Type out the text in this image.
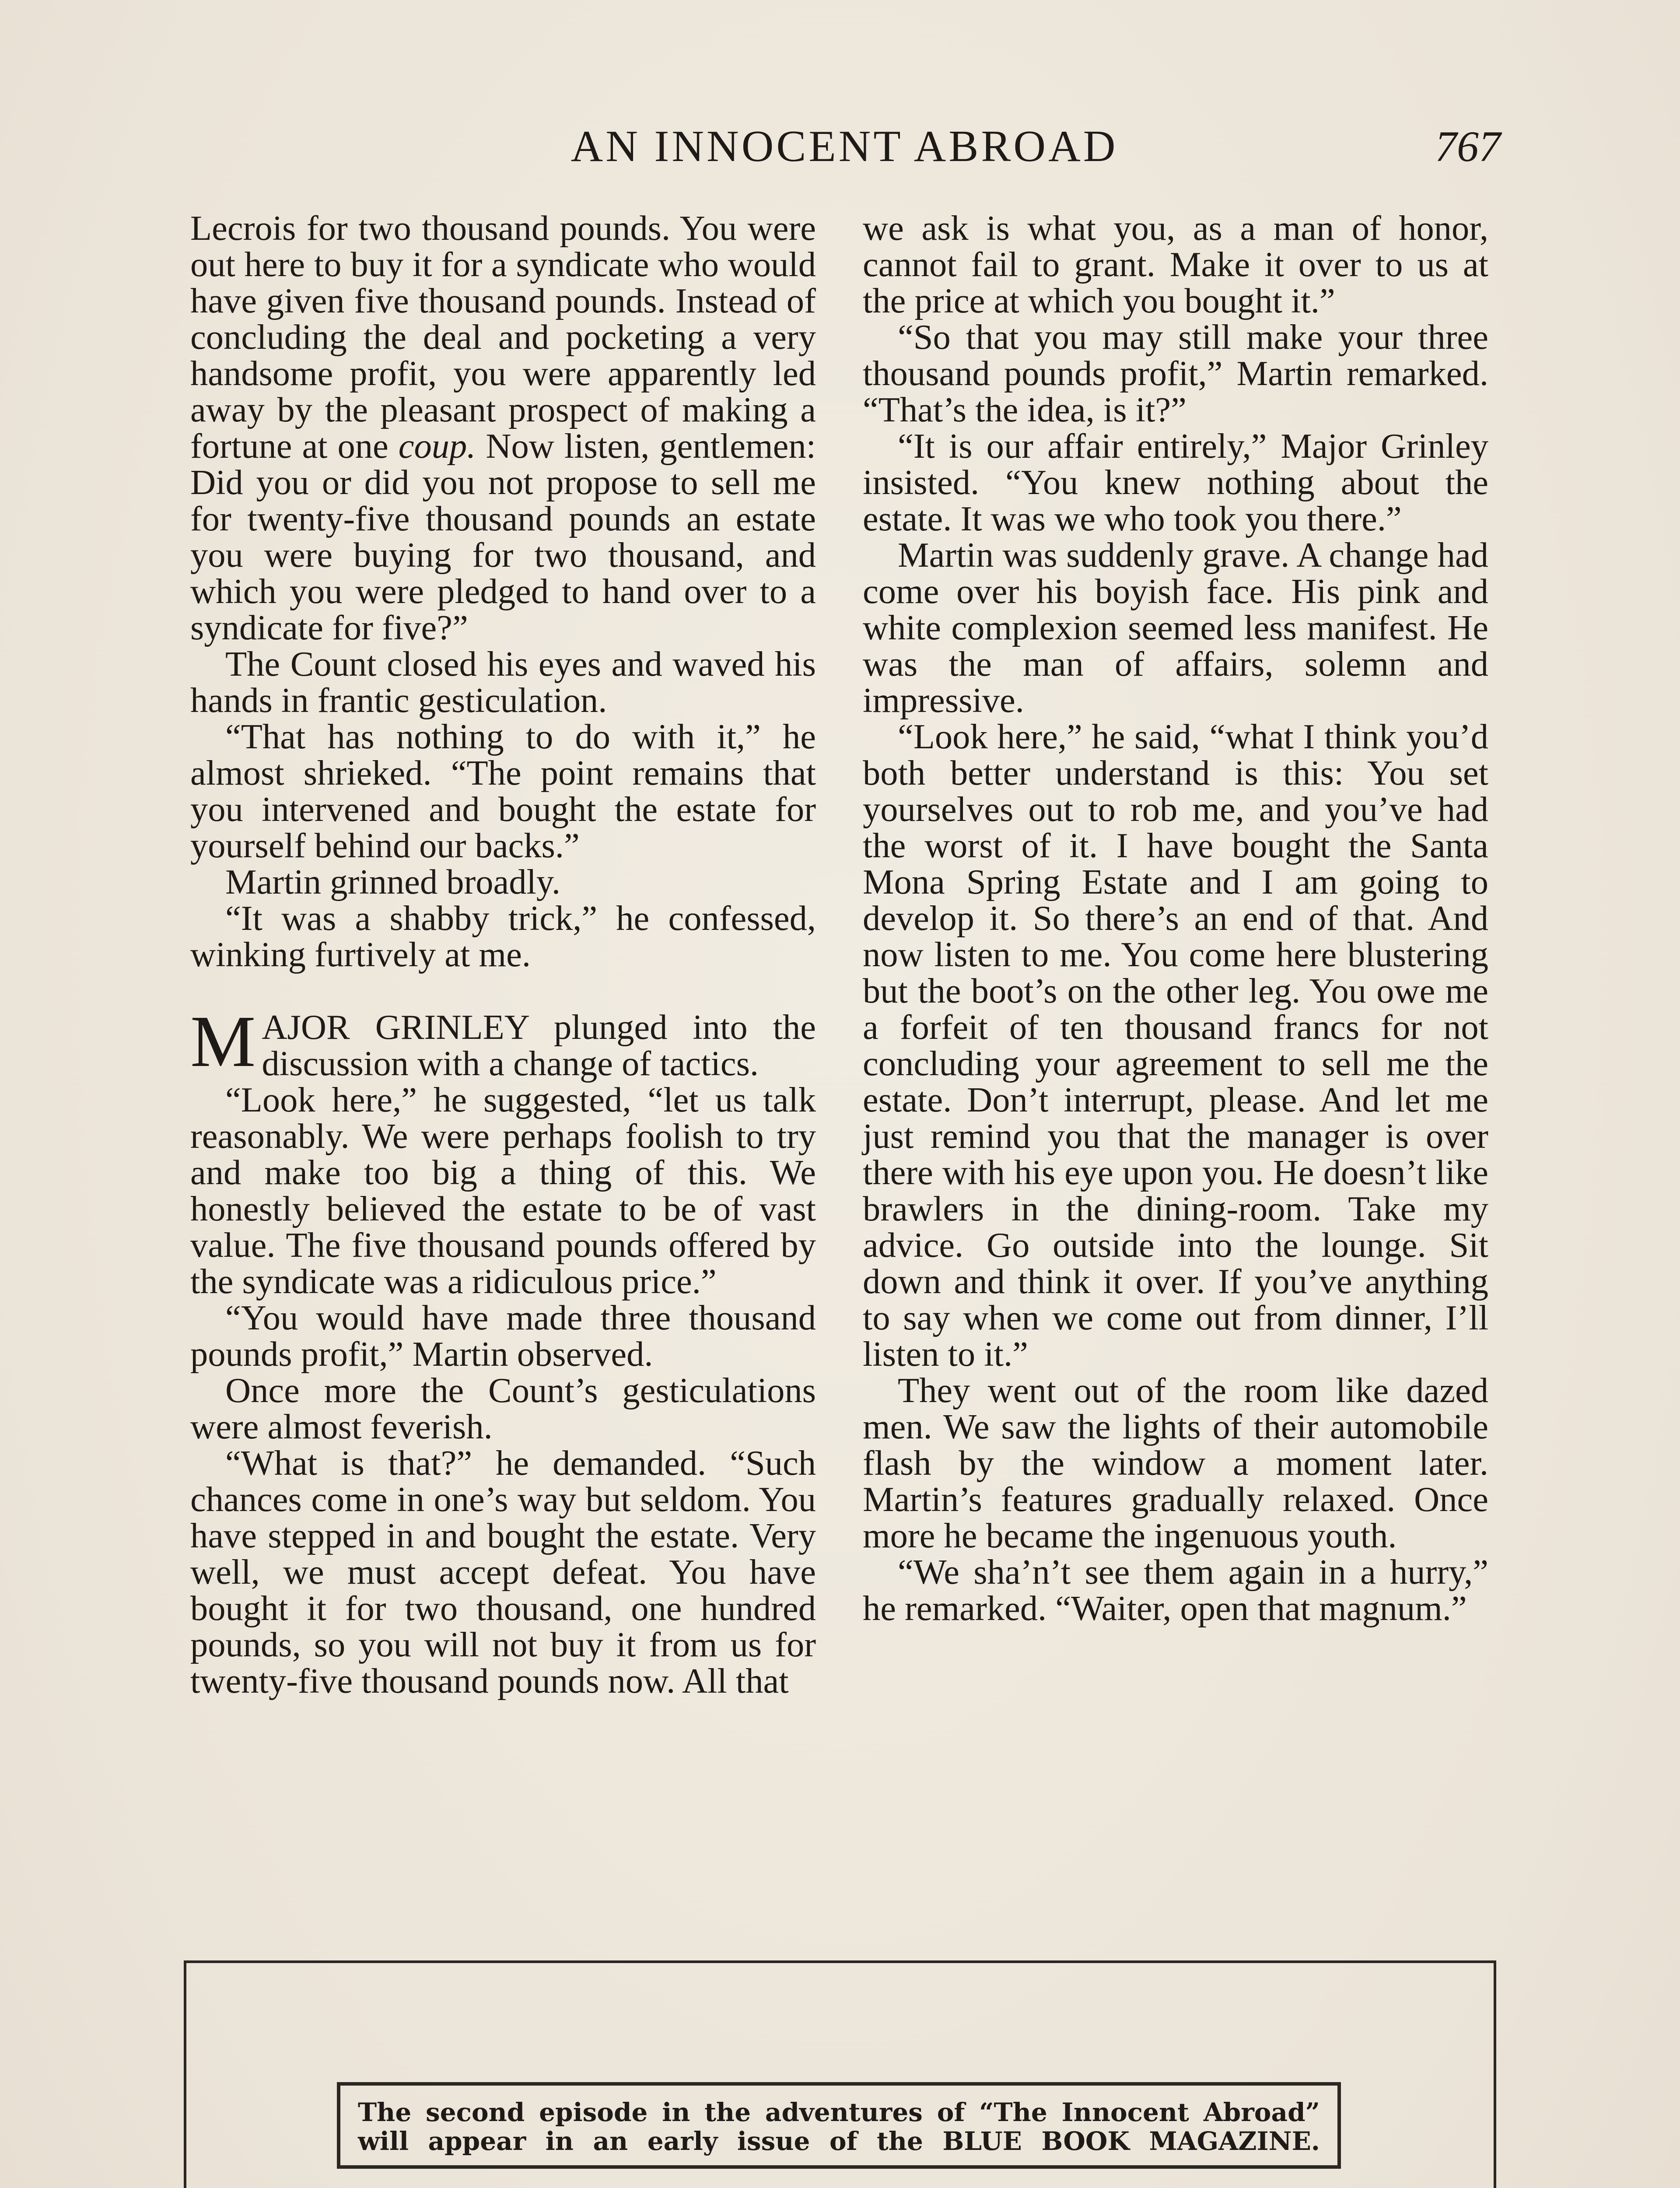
AN INNOCENT ABROAD	767

Lecrois for two thousand pounds. You were out here to buy it for a syndicate who would have given five thousand pounds. Instead of concluding the deal and pocketing a very handsome profit, you were apparently led away by the pleasant prospect of making a fortune at one coup. Now listen, gentlemen: Did you or did you not propose to sell me for twenty-five thousand pounds an estate you were buying for two thousand, and which you were pledged to hand over to a syndicate for five?”

The Count closed his eyes and waved his hands in frantic gesticulation.

“That has nothing to do with it,” he almost shrieked. “The point remains that you intervened and bought the estate for yourself behind our backs.”

Martin grinned broadly.

“It was a shabby trick,” he confessed, winking furtively at me.

MAJOR GRINLEY plunged into the discussion with a change of tactics.

“Look here,” he suggested, “let us talk reasonably. We were perhaps foolish to try and make too big a thing of this. We honestly believed the estate to be of vast value. The five thousand pounds offered by the syndicate was a ridiculous price.”

“You would have made three thousand pounds profit,” Martin observed.

Once more the Count’s gesticulations were almost feverish.

“What is that?” he demanded. “Such chances come in one’s way but seldom. You have stepped in and bought the estate. Very well, we must accept defeat. You have bought it for two thousand, one hundred pounds, so you will not buy it from us for twenty-five thousand pounds now. All that

we ask is what you, as a man of honor, cannot fail to grant. Make it over to us at the price at which you bought it.”

“So that you may still make your three thousand pounds profit,” Martin remarked. “That’s the idea, is it?”

“It is our affair entirely,” Major Grinley insisted. “You knew nothing about the estate. It was we who took you there.”

Martin was suddenly grave. A change had come over his boyish face. His pink and white complexion seemed less manifest. He was the man of affairs, solemn and impressive.

“Look here,” he said, “what I think you’d both better understand is this: You set yourselves out to rob me, and you’ve had the worst of it. I have bought the Santa Mona Spring Estate and I am going to develop it. So there’s an end of that. And now listen to me. You come here blustering but the boot’s on the other leg. You owe me a forfeit of ten thousand francs for not concluding your agreement to sell me the estate. Don’t interrupt, please. And let me just remind you that the manager is over there with his eye upon you. He doesn’t like brawlers in the dining-room. Take my advice. Go outside into the lounge. Sit down and think it over. If you’ve anything to say when we come out from dinner, I’ll listen to it.”

They went out of the room like dazed men. We saw the lights of their automobile flash by the window a moment later. Martin’s features gradually relaxed. Once more he became the ingenuous youth.

“We sha’n’t see them again in a hurry,” he remarked. “Waiter, open that magnum.”

The second episode in the adventures of “The Innocent Abroad”
will appear in an early issue of the BLUE BOOK MAGAZINE.
